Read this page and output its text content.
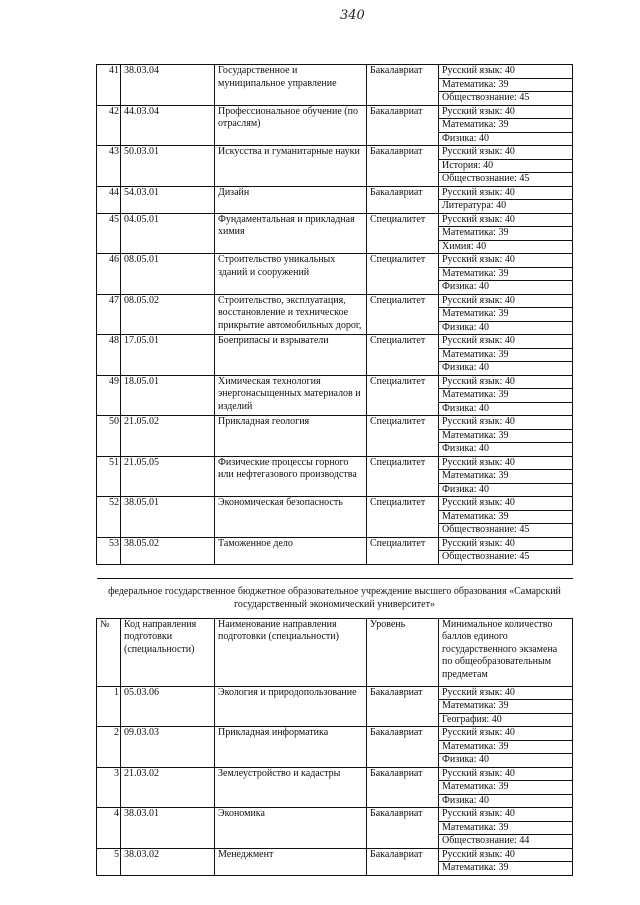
340
41	38.03.04	Государственное и муниципальное управление	Бакалавриат	Русский язык: 40
Математика: 39
Обществознание: 45

42	44.03.04	Профессиональное обучение (по отраслям)	Бакалавриат	Русский язык: 40
Математика: 39
Физика: 40

43	50.03.01	Искусства и гуманитарные науки	Бакалавриат	Русский язык: 40
История: 40
Обществознание: 45

44	54.03.01	Дизайн	Бакалавриат	Русский язык: 40
Литература: 40

45	04.05.01	Фундаментальная и прикладная химия	Специалитет	Русский язык: 40
Математика: 39
Химия: 40

46	08.05.01	Строительство уникальных зданий и сооружений	Специалитет	Русский язык: 40
Математика: 39
Физика: 40

47	08.05.02	Строительство, эксплуатация, восстановление и техническое прикрытие автомобильных дорог,	Специалитет	Русский язык: 40
Математика: 39
Физика: 40

48	17.05.01	Боеприпасы и взрыватели	Специалитет	Русский язык: 40
Математика: 39
Физика: 40

49	18.05.01	Химическая технология энергонасыщенных материалов и изделий	Специалитет	Русский язык: 40
Математика: 39
Физика: 40

50	21.05.02	Прикладная геология	Специалитет	Русский язык: 40
Математика: 39
Физика: 40

51	21.05.05	Физические процессы горного или нефтегазового производства	Специалитет	Русский язык: 40
Математика: 39
Физика: 40

52	38.05.01	Экономическая безопасность	Специалитет	Русский язык: 40
Математика: 39
Обществознание: 45

53	38.05.02	Таможенное дело	Специалитет	Русский язык: 40
Обществознание: 45

федеральное государственное бюджетное образовательное учреждение высшего образования «Самарский государственный экономический университет»				
№	Код направления подготовки (специальности)	Наименование направления подготовки (специальности)	Уровень	Минимальное количество баллов единого государственного экзамена по общеобразовательным предметам
1	05.03.06	Экология и природопользование	Бакалавриат	Русский язык: 40
Математика: 39
География: 40

2	09.03.03	Прикладная информатика	Бакалавриат	Русский язык: 40
Математика: 39
Физика: 40

3	21.03.02	Землеустройство и кадастры	Бакалавриат	Русский язык: 40
Математика: 39
Физика: 40

4	38.03.01	Экономика	Бакалавриат	Русский язык: 40
Математика: 39
Обществознание: 44

5	38.03.02	Менеджмент	Бакалавриат	Русский язык: 40
Математика: 39
